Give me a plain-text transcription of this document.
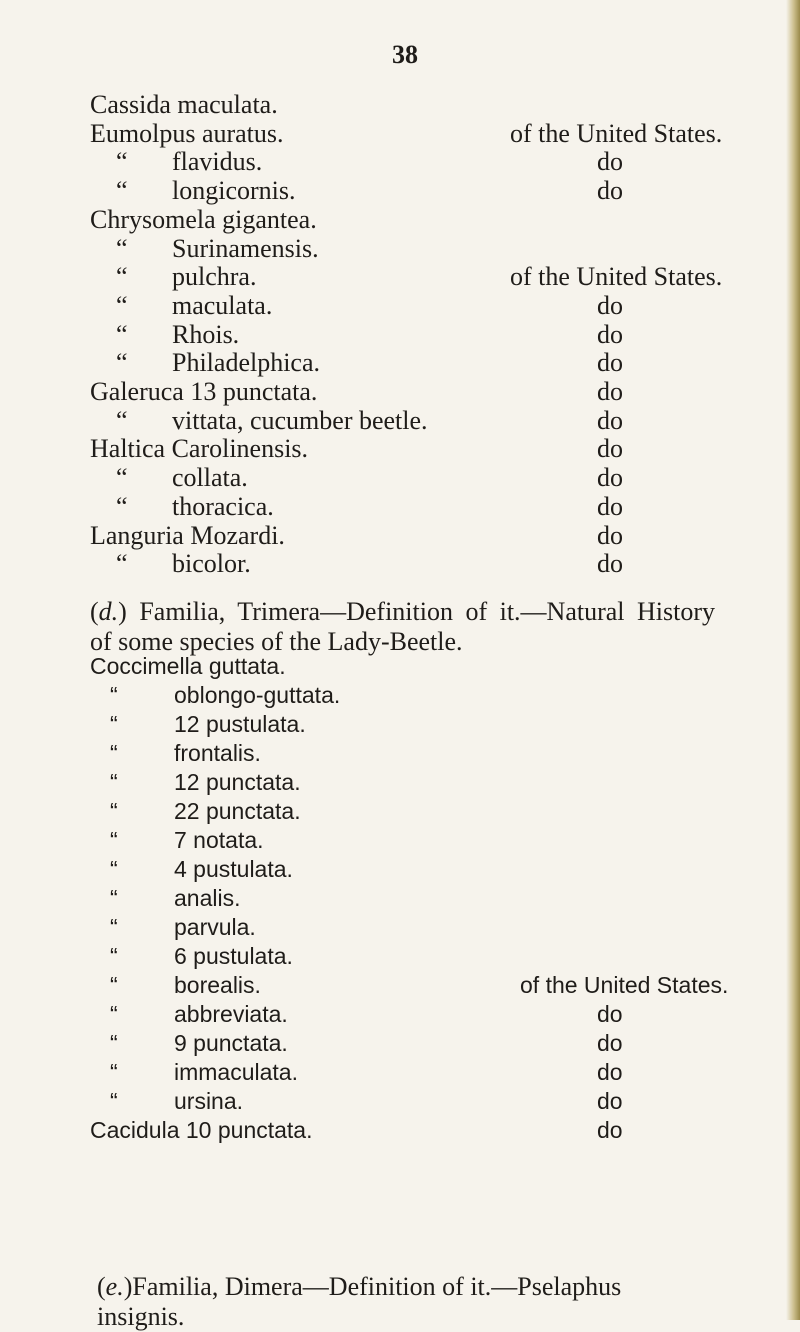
38
Cassida maculata.
Eumolpus auratus.	of the United States.
“ flavidus.	do
“ longicornis.	do
Chrysomela gigantea.
“ Surinamensis.
“ pulchra.	of the United States.
“ maculata.	do
“ Rhois.	do
“ Philadelphica.	do
Galeruca 13 punctata.	do
“ vittata, cucumber beetle.	do
Haltica Carolinensis.	do
“ collata.	do
“ thoracica.	do
Languria Mozardi.	do
“ bicolor.	do
(d.) Familia, Trimera—Definition of it.—Natural History
of some species of the Lady-Beetle.
Coccimella guttata.
“ oblongo-guttata.
“ 12 pustulata.
“ frontalis.
“ 12 punctata.
“ 22 punctata.
“ 7 notata.
“ 4 pustulata.
“ analis.
“ parvula.
“ 6 pustulata.
“ borealis.	of the United States.
“ abbreviata.	do
“ 9 punctata.	do
“ immaculata.	do
“ ursina.	do
Cacidula 10 punctata.	do
(e.)Familia, Dimera—Definition of it.—Pselaphus insignis.
